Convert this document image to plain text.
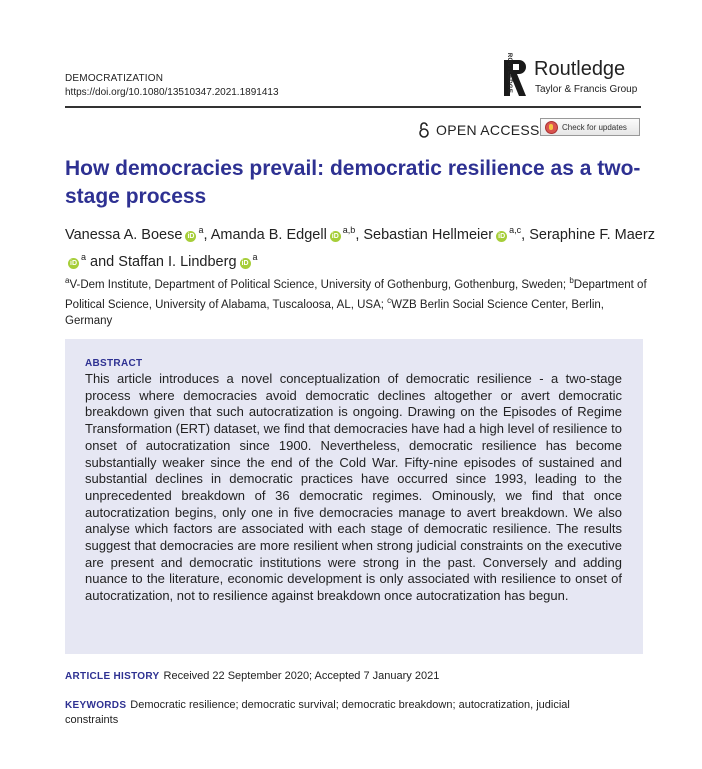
DEMOCRATIZATION
https://doi.org/10.1080/13510347.2021.1891413	ROUTLEDGE Routledge
Taylor & Francis Group
OPEN ACCESS	Check for updates
How democracies prevail: democratic resilience as a two-stage process
Vanessa A. Boese $iD^a$, Amanda B. Edgell iD$^{a,b}$, Sebastian Hellmeier iD$^{a,c}$, Seraphine F. MaerziD$^a$ and Staffan I. Lindberg $iD^a$
$^a$V-Dem Institute, Department of Political Science, University of Gothenburg, Gothenburg, Sweden; $^b$Department of Political Science, University of Alabama, Tuscaloosa, AL, USA; $^c$WZB Berlin Social Science Center, Berlin, Germany
ABSTRACT
This article introduces a novel conceptualization of democratic resilience - a two-stage process where democracies avoid democratic declines altogether or avert democratic breakdown given that such autocratization is ongoing. Drawing on the Episodes of Regime Transformation (ERT) dataset, we find that democracies have had a high level of resilience to onset of autocratization since 1900. Nevertheless, democratic resilience has become substantially weaker since the end of the Cold War. Fifty-nine episodes of sustained and substantial declines in democratic practices have occurred since 1993, leading to the unprecedented breakdown of 36 democratic regimes. Ominously, we find that once autocratization begins, only one in five democracies manage to avert breakdown. We also analyse which factors are associated with each stage of democratic resilience. The results suggest that democracies are more resilient when strong judicial constraints on the executive are present and democratic institutions were strong in the past. Conversely and adding nuance to the literature, economic development is only associated with resilience to onset of autocratization, not to resilience against breakdown once autocratization has begun.
ARTICLE HISTORY Received 22 September 2020; Accepted 7 January 2021
KEYWORDS Democratic resilience; democratic survival; democratic breakdown; autocratization, judicial constraints
